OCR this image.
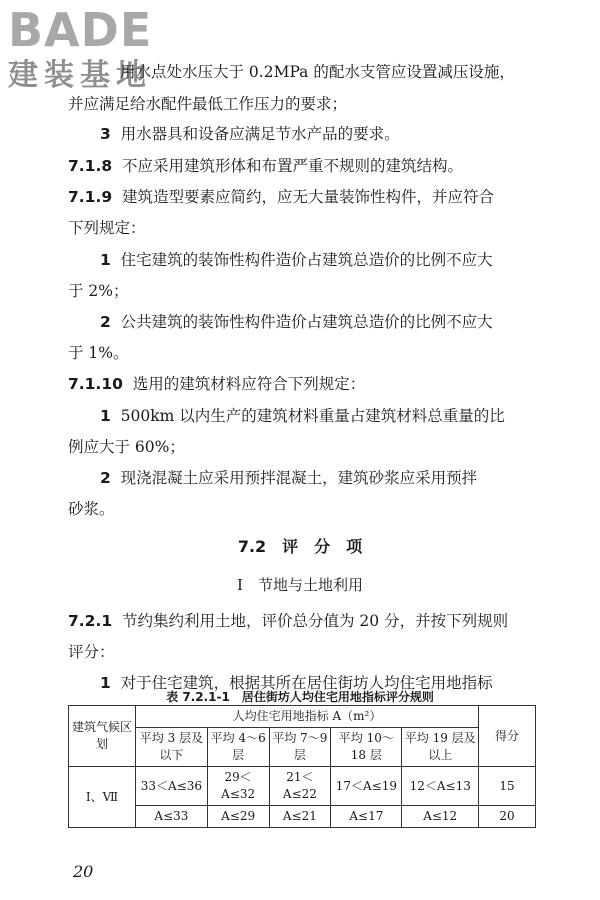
BADE
建装基地
用水点处水压大于 0.2MPa 的配水支管应设置减压设施，
并应满足给水配件最低工作压力的要求；
3 用水器具和设备应满足节水产品的要求。
7.1.8 不应采用建筑形体和布置严重不规则的建筑结构。
7.1.9 建筑造型要素应简约，应无大量装饰性构件，并应符合
下列规定：
1 住宅建筑的装饰性构件造价占建筑总造价的比例不应大
于 2%；
2 公共建筑的装饰性构件造价占建筑总造价的比例不应大
于 1%。
7.1.10 选用的建筑材料应符合下列规定：
1 500km 以内生产的建筑材料重量占建筑材料总重量的比
例应大于 60%；
2 现浇混凝土应采用预拌混凝土，建筑砂浆应采用预拌
砂浆。
7.2　评　分　项
Ⅰ　节地与土地利用
7.2.1 节约集约利用土地，评价总分值为 20 分，并按下列规则
评分：
1 对于住宅建筑，根据其所在居住街坊人均住宅用地指标
表 7.2.1-1　居住街坊人均住宅用地指标评分规则
建筑气候区划	人均住宅用地指标 A（m²）					得分
	平均 3 层及以下	平均 4～6 层	平均 7～9 层	平均 10～18 层	平均 19 层及以上	
Ⅰ、Ⅶ	33＜A≤36	29＜A≤32	21＜A≤22	17＜A≤19	12＜A≤13	15
	A≤33	A≤29	A≤21	A≤17	A≤12	20
20
